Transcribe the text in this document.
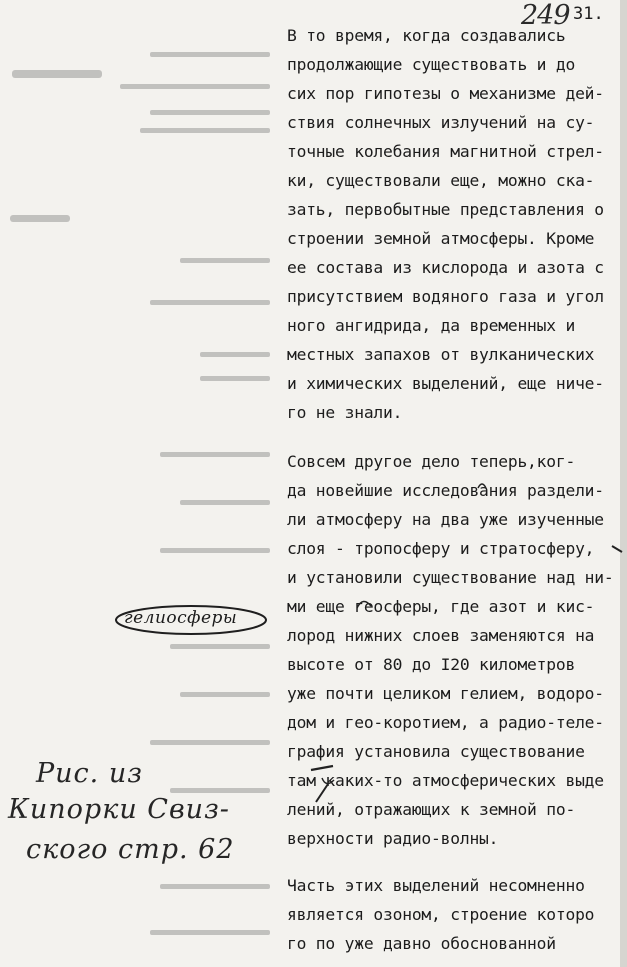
249 31.
В то время, когда создавались
продолжающие существовать и до
сих пор гипотезы о механизме дей-
ствия солнечных излучений на су-
точные колебания магнитной стрел-
ки, существовали еще, можно ска-
зать, первобытные представления о
строении земной атмосферы. Кроме
ее состава из кислорода и азота с
присутствием водяного газа и угол
ного ангидрида, да временных и
местных запахов от вулканических
и химических выделений, еще ниче-
го не знали.
Совсем другое дело теперь,ког-
да новейшие исследования раздели-
ли атмосферу на два уже изученные
слоя - тропосферу и стратосферу,
и установили существование над ни-
ми еще геосферы, где азот и кис-
лород нижних слоев заменяются на
высоте от 80 до I20 километров
уже почти целиком гелием, водоро-
дом и гео-коротием, а радио-теле-
графия установила существование
там каких-то атмосферических выде
лений, отражающих к земной по-
верхности радио-волны.
Часть этих выделений несомненно
является озоном, строение которо
го по уже давно обоснованной
гелиосферы
Рис. из
Кипорки Свиз-
ского стр. 62
